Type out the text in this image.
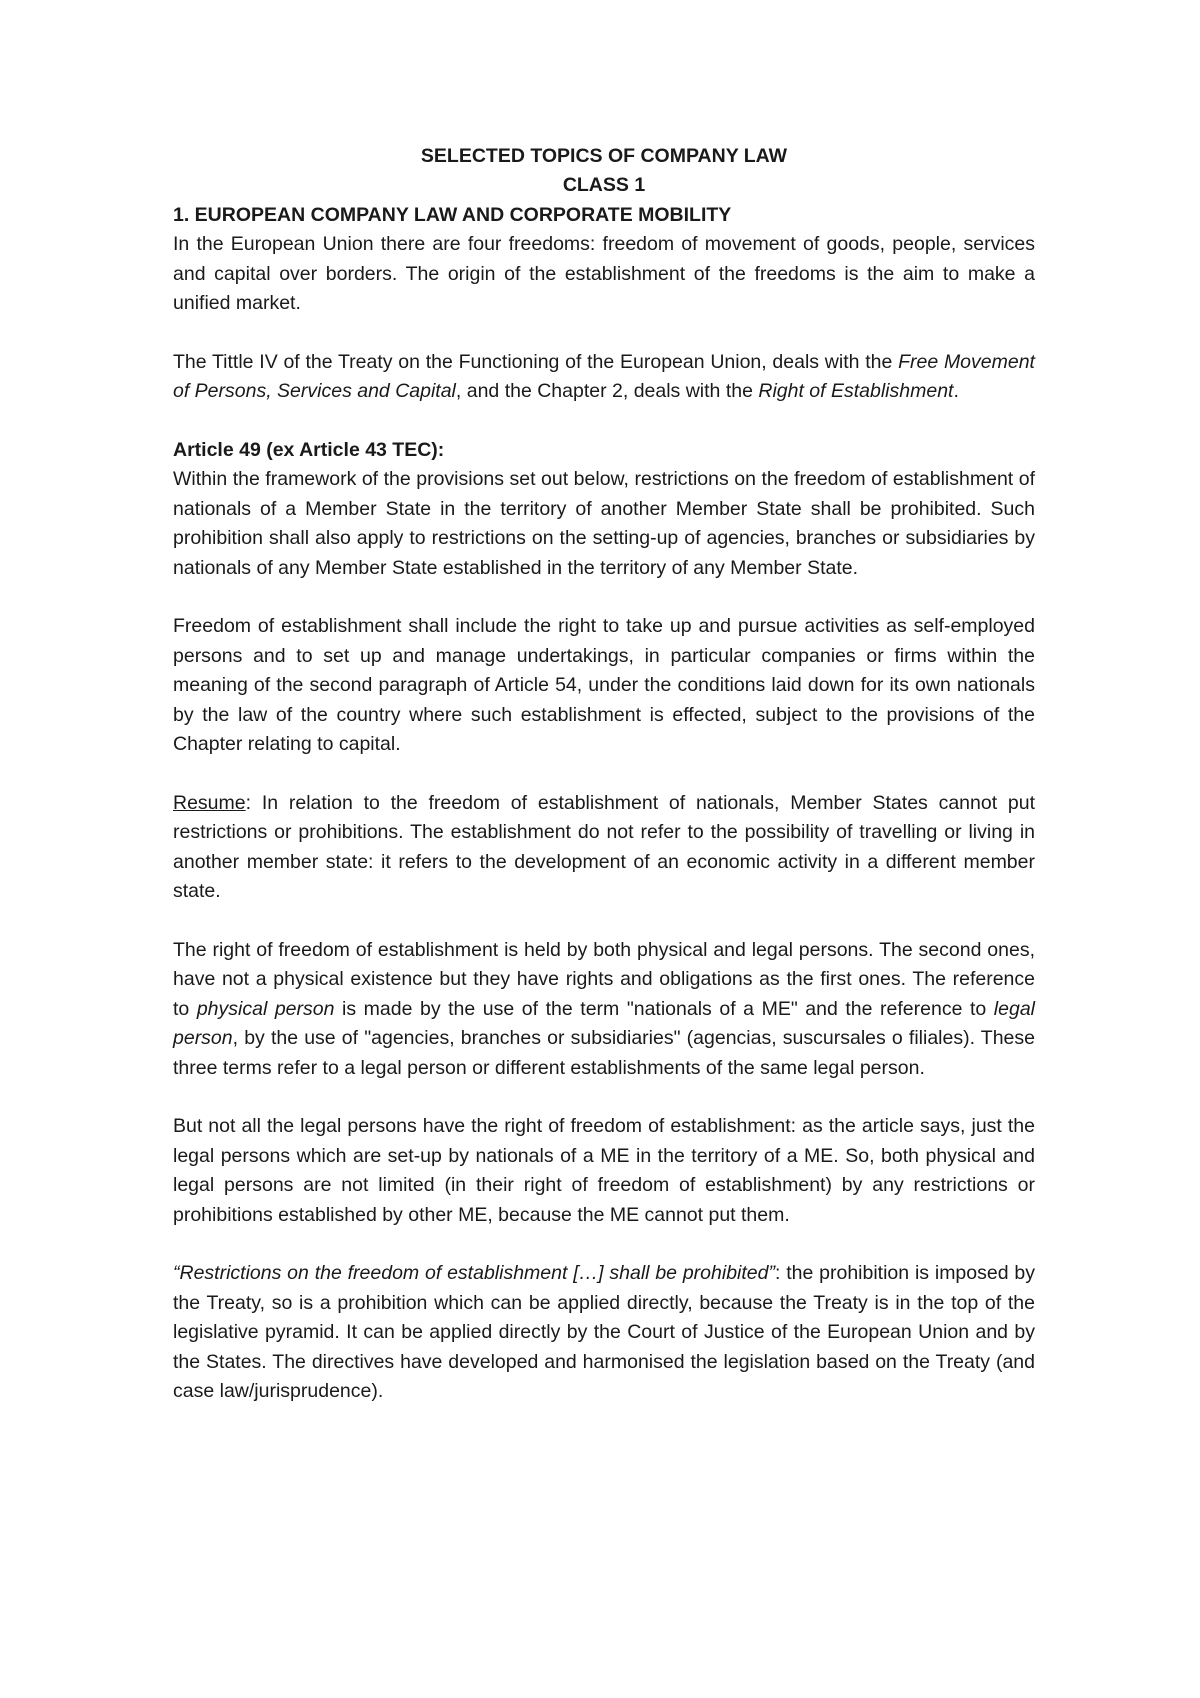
SELECTED TOPICS OF COMPANY LAW
CLASS 1
1. EUROPEAN COMPANY LAW AND CORPORATE MOBILITY

In the European Union there are four freedoms: freedom of movement of goods, people, services and capital over borders. The origin of the establishment of the freedoms is the aim to make a unified market.

The Tittle IV of the Treaty on the Functioning of the European Union, deals with the Free Movement of Persons, Services and Capital, and the Chapter 2, deals with the Right of Establishment.

Article 49 (ex Article 43 TEC):

Within the framework of the provisions set out below, restrictions on the freedom of establishment of nationals of a Member State in the territory of another Member State shall be prohibited. Such prohibition shall also apply to restrictions on the setting-up of agencies, branches or subsidiaries by nationals of any Member State established in the territory of any Member State.

Freedom of establishment shall include the right to take up and pursue activities as self-employed persons and to set up and manage undertakings, in particular companies or firms within the meaning of the second paragraph of Article 54, under the conditions laid down for its own nationals by the law of the country where such establishment is effected, subject to the provisions of the Chapter relating to capital.

Resume: In relation to the freedom of establishment of nationals, Member States cannot put restrictions or prohibitions. The establishment do not refer to the possibility of travelling or living in another member state: it refers to the development of an economic activity in a different member state.

The right of freedom of establishment is held by both physical and legal persons. The second ones, have not a physical existence but they have rights and obligations as the first ones. The reference to physical person is made by the use of the term "nationals of a ME" and the reference to legal person, by the use of "agencies, branches or subsidiaries" (agencias, suscursales o filiales). These three terms refer to a legal person or different establishments of the same legal person.

But not all the legal persons have the right of freedom of establishment: as the article says, just the legal persons which are set-up by nationals of a ME in the territory of a ME. So, both physical and legal persons are not limited (in their right of freedom of establishment) by any restrictions or prohibitions established by other ME, because the ME cannot put them.

“Restrictions on the freedom of establishment […] shall be prohibited”: the prohibition is imposed by the Treaty, so is a prohibition which can be applied directly, because the Treaty is in the top of the legislative pyramid. It can be applied directly by the Court of Justice of the European Union and by the States. The directives have developed and harmonised the legislation based on the Treaty (and case law/jurisprudence).
